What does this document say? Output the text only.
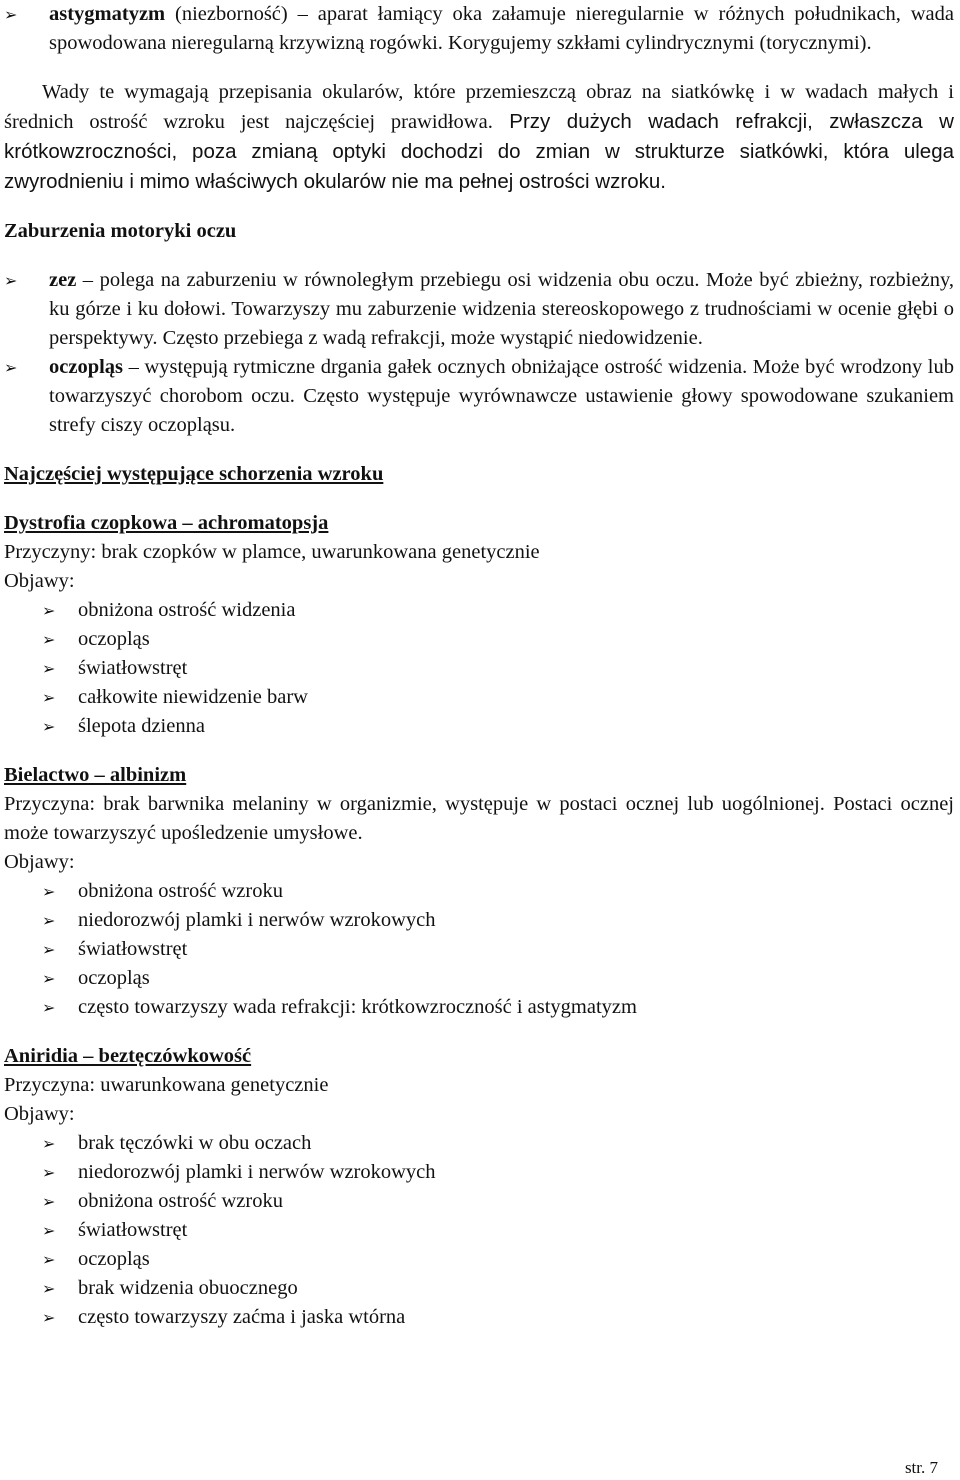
➢	astygmatyzm (niezborność) – aparat łamiący oka załamuje nieregularnie w różnych południkach, wada spowodowana nieregularną krzywizną rogówki. Korygujemy szkłami cylindrycznymi (torycznymi).
Wady te wymagają przepisania okularów, które przemieszczą obraz na siatkówkę i w wadach małych i średnich ostrość wzroku jest najczęściej prawidłowa. Przy dużych wadach refrakcji, zwłaszcza w krótkowzroczności, poza zmianą optyki dochodzi do zmian w strukturze siatkówki, która ulega zwyrodnieniu i mimo właściwych okularów nie ma pełnej ostrości wzroku.
Zaburzenia motoryki oczu
➢	zez – polega na zaburzeniu w równoległym przebiegu osi widzenia obu oczu. Może być zbieżny, rozbieżny, ku górze i ku dołowi. Towarzyszy mu zaburzenie widzenia stereoskopowego z trudnościami w ocenie głębi o perspektywy. Często przebiega z wadą refrakcji, może wystąpić niedowidzenie.
➢	oczopląs – występują rytmiczne drgania gałek ocznych obniżające ostrość widzenia. Może być wrodzony lub towarzyszyć chorobom oczu. Często występuje wyrównawcze ustawienie głowy spowodowane szukaniem strefy ciszy oczopląsu.
Najczęściej występujące schorzenia wzroku
Dystrofia czopkowa – achromatopsja
Przyczyny: brak czopków w plamce, uwarunkowana genetycznie
Objawy:
➢	obniżona ostrość widzenia
➢	oczopląs
➢	światłowstręt
➢	całkowite niewidzenie barw
➢	ślepota dzienna
Bielactwo – albinizm
Przyczyna: brak barwnika melaniny w organizmie, występuje w postaci ocznej lub uogólnionej. Postaci ocznej może towarzyszyć upośledzenie umysłowe.
Objawy:
➢	obniżona ostrość wzroku
➢	niedorozwój plamki i nerwów wzrokowych
➢	światłowstręt
➢	oczopląs
➢	często towarzyszy wada refrakcji: krótkowzroczność i astygmatyzm
Aniridia – beztęczówkowość
Przyczyna: uwarunkowana genetycznie
Objawy:
➢	brak tęczówki w obu oczach
➢	niedorozwój plamki i nerwów wzrokowych
➢	obniżona ostrość wzroku
➢	światłowstręt
➢	oczopląs
➢	brak widzenia obuocznego
➢	często towarzyszy zaćma i jaska wtórna
str. 7
